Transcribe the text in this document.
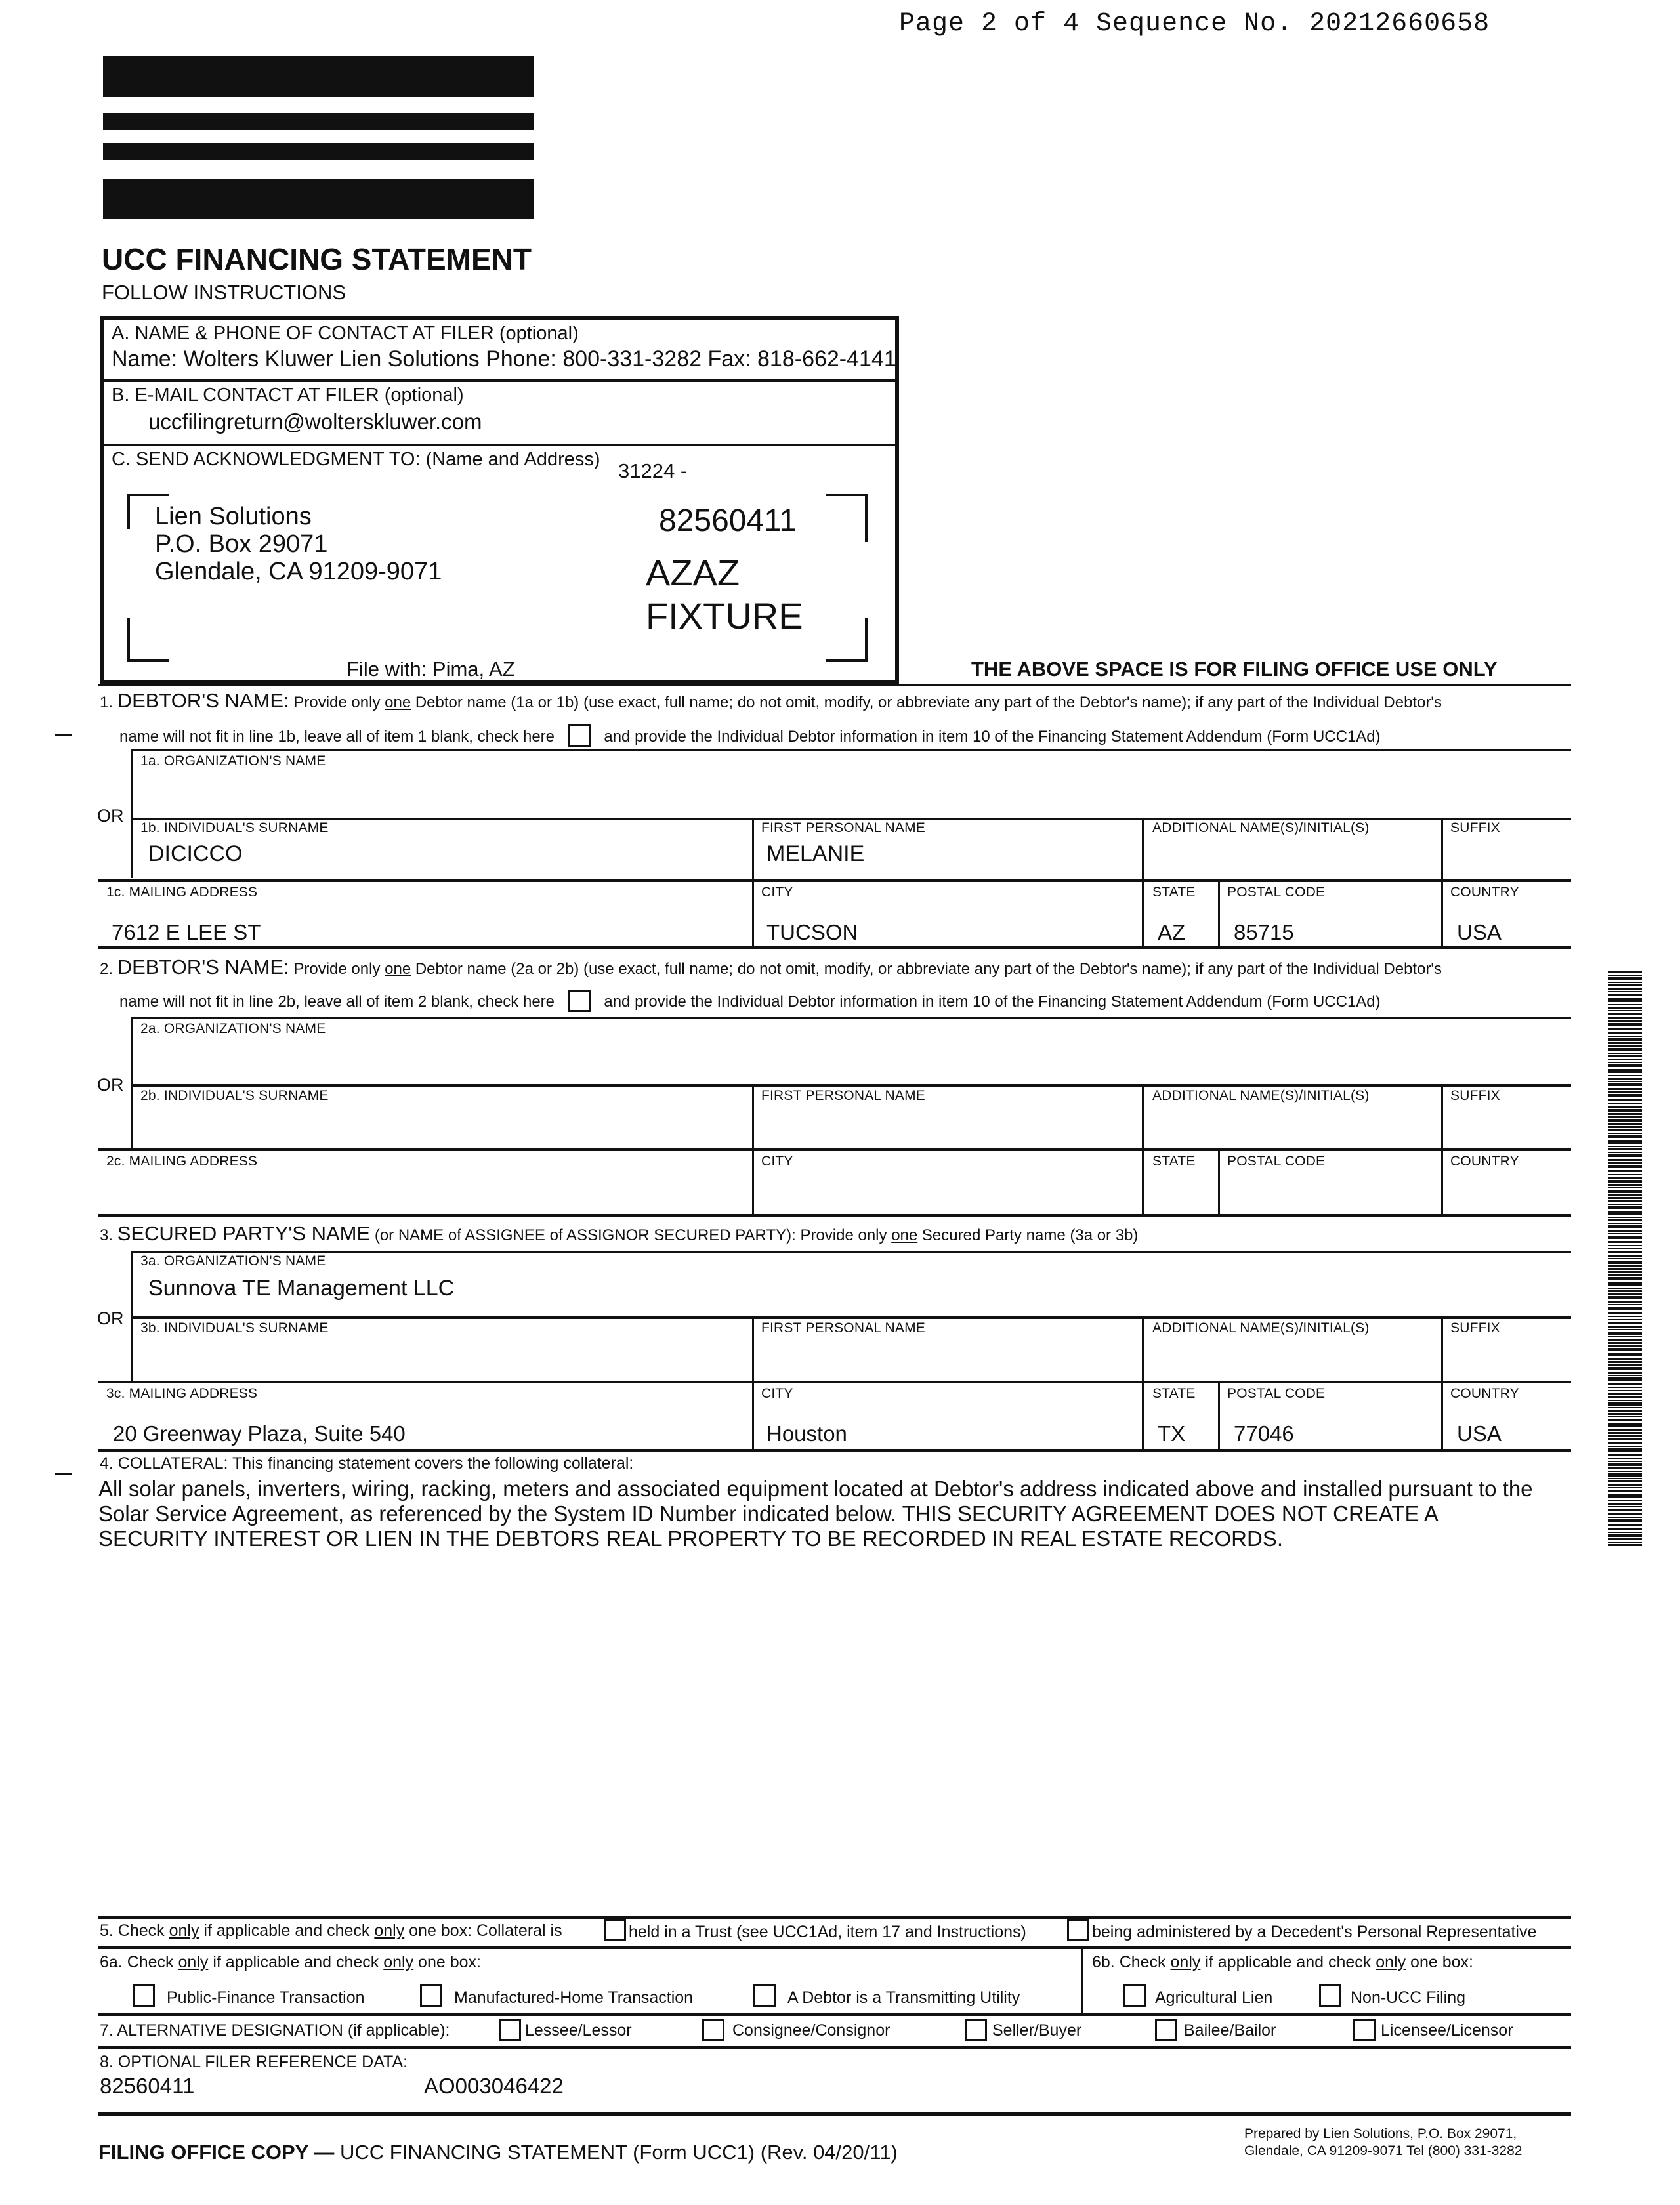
Page 2 of 4 Sequence No. 20212660658
UCC FINANCING STATEMENT
FOLLOW INSTRUCTIONS
A. NAME & PHONE OF CONTACT AT FILER (optional)
Name: Wolters Kluwer Lien Solutions Phone: 800-331-3282 Fax: 818-662-4141
B. E-MAIL CONTACT AT FILER (optional)
uccfilingreturn@wolterskluwer.com
C. SEND ACKNOWLEDGMENT TO: (Name and Address) 31224 -
Lien Solutions
P.O. Box 29071
Glendale, CA 91209-9071
82560411
AZAZ
FIXTURE
File with: Pima, AZ	THE ABOVE SPACE IS FOR FILING OFFICE USE ONLY
1. DEBTOR'S NAME: Provide only one Debtor name (1a or 1b) (use exact, full name; do not omit, modify, or abbreviate any part of the Debtor's name); if any part of the Individual Debtor's
name will not fit in line 1b, leave all of item 1 blank, check here	and provide the Individual Debtor information in item 10 of the Financing Statement Addendum (Form UCC1Ad)
1a. ORGANIZATION'S NAME
OR
1b. INDIVIDUAL'S SURNAME
DICICCO
FIRST PERSONAL NAME
MELANIE
ADDITIONAL NAME(S)/INITIAL(S)	SUFFIX
1c. MAILING ADDRESS
7612 E LEE ST
CITY
TUCSON
STATE
AZ
POSTAL CODE
85715
COUNTRY
USA
2. DEBTOR'S NAME: Provide only one Debtor name (2a or 2b) (use exact, full name; do not omit, modify, or abbreviate any part of the Debtor's name); if any part of the Individual Debtor's
name will not fit in line 2b, leave all of item 2 blank, check here	and provide the Individual Debtor information in item 10 of the Financing Statement Addendum (Form UCC1Ad)
2a. ORGANIZATION'S NAME
OR
2b. INDIVIDUAL'S SURNAME	FIRST PERSONAL NAME	ADDITIONAL NAME(S)/INITIAL(S)	SUFFIX
2c. MAILING ADDRESS	CITY	STATE POSTAL CODE	COUNTRY
3. SECURED PARTY'S NAME (or NAME of ASSIGNEE of ASSIGNOR SECURED PARTY): Provide only one Secured Party name (3a or 3b)
3a. ORGANIZATION'S NAME
Sunnova TE Management LLC
OR 3b. INDIVIDUAL'S SURNAME	FIRST PERSONAL NAME	ADDITIONAL NAME(S)/INITIAL(S)	SUFFIX
3c. MAILING ADDRESS
20 Greenway Plaza, Suite 540
CITY
Houston
STATE
TX
POSTAL CODE
77046
COUNTRY
USA
4. COLLATERAL: This financing statement covers the following collateral:
All solar panels, inverters, wiring, racking, meters and associated equipment located at Debtor's address indicated above and installed pursuant to the
Solar Service Agreement, as referenced by the System ID Number indicated below. THIS SECURITY AGREEMENT DOES NOT CREATE A
SECURITY INTEREST OR LIEN IN THE DEBTORS REAL PROPERTY TO BE RECORDED IN REAL ESTATE RECORDS.
5. Check only if applicable and check only one box: Collateral is	held in a Trust (see UCC1Ad, item 17 and Instructions)	being administered by a Decedent's Personal Representative
6a. Check only if applicable and check only one box:	6b. Check only if applicable and check only one box:
Public-Finance Transaction	Manufactured-Home Transaction	A Debtor is a Transmitting Utility	Agricultural Lien	Non-UCC Filing
7. ALTERNATIVE DESIGNATION (if applicable):	Lessee/Lessor	Consignee/Consignor	Seller/Buyer	Bailee/Bailor	Licensee/Licensor
8. OPTIONAL FILER REFERENCE DATA:
82560411	AO003046422
FILING OFFICE COPY — UCC FINANCING STATEMENT (Form UCC1) (Rev. 04/20/11)
Prepared by Lien Solutions, P.O. Box 29071,
Glendale, CA 91209-9071 Tel (800) 331-3282
